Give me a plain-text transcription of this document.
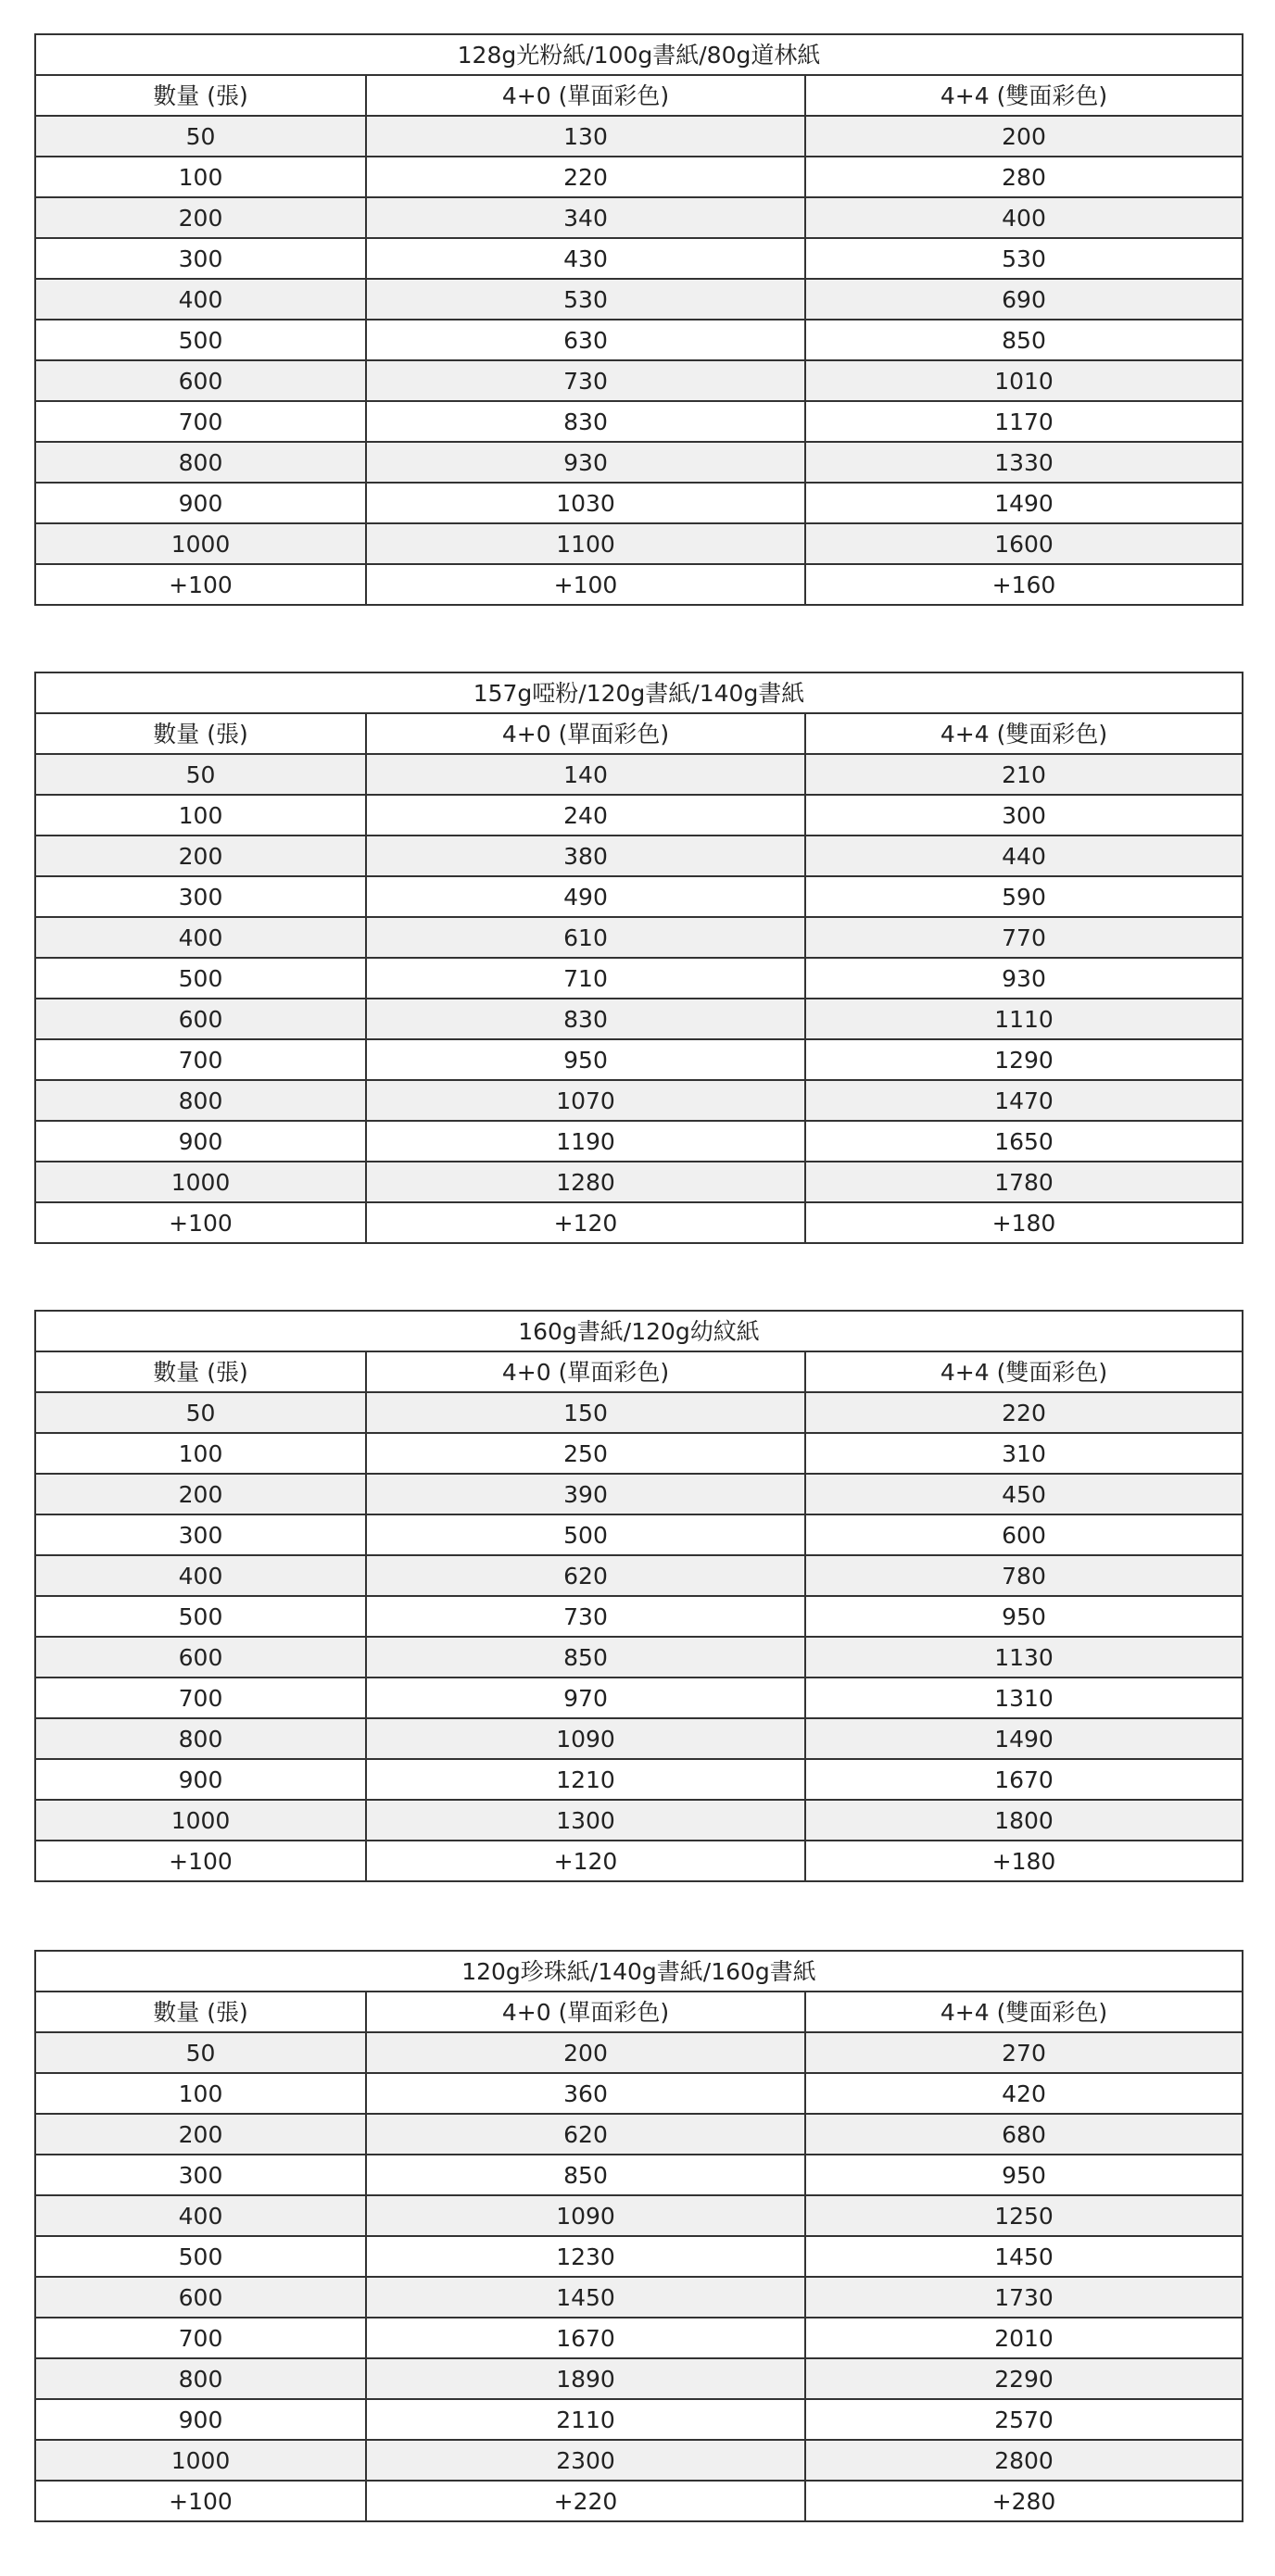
128g光粉紙/100g書紙/80g道林紙		
數量 (張)	4+0 (單面彩色)	4+4 (雙面彩色)
50	130	200
100	220	280
200	340	400
300	430	530
400	530	690
500	630	850
600	730	1010
700	830	1170
800	930	1330
900	1030	1490
1000	1100	1600
+100	+100	+160
157g啞粉/120g書紙/140g書紙		
數量 (張)	4+0 (單面彩色)	4+4 (雙面彩色)
50	140	210
100	240	300
200	380	440
300	490	590
400	610	770
500	710	930
600	830	1110
700	950	1290
800	1070	1470
900	1190	1650
1000	1280	1780
+100	+120	+180
160g書紙/120g幼紋紙		
數量 (張)	4+0 (單面彩色)	4+4 (雙面彩色)
50	150	220
100	250	310
200	390	450
300	500	600
400	620	780
500	730	950
600	850	1130
700	970	1310
800	1090	1490
900	1210	1670
1000	1300	1800
+100	+120	+180
120g珍珠紙/140g書紙/160g書紙		
數量 (張)	4+0 (單面彩色)	4+4 (雙面彩色)
50	200	270
100	360	420
200	620	680
300	850	950
400	1090	1250
500	1230	1450
600	1450	1730
700	1670	2010
800	1890	2290
900	2110	2570
1000	2300	2800
+100	+220	+280
